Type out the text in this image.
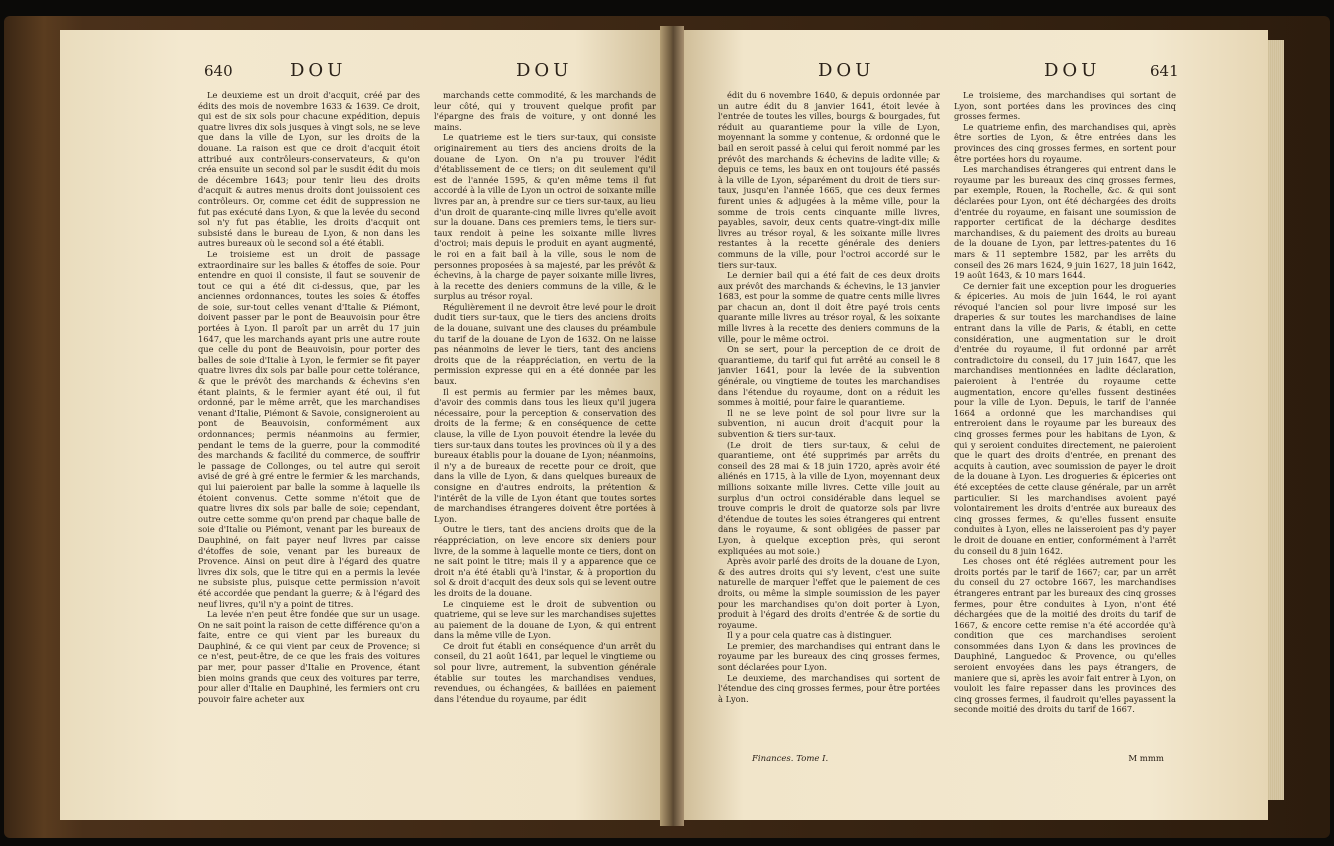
640	DOU	DOU

Le deuxieme est un droit d'acquit, créé par des édits des mois de novembre 1633 & 1639. Ce droit, qui est de six sols pour chacune expédition, depuis quatre livres dix sols jusques à vingt sols, ne se leve que dans la ville de Lyon, sur les droits de la douane. La raison est que ce droit d'acquit étoit attribué aux contrôleurs-conservateurs, & qu'on créa ensuite un second sol par le susdit édit du mois de décembre 1643; pour tenir lieu des droits d'acquit & autres menus droits dont jouissoient ces contrôleurs. Or, comme cet édit de suppression ne fut pas exécuté dans Lyon, & que la levée du second sol n'y fut pas établie, les droits d'acquit ont subsisté dans le bureau de Lyon, & non dans les autres bureaux où le second sol a été établi.

Le troisieme est un droit de passage extraordinaire sur les balles & étoffes de soie. Pour entendre en quoi il consiste, il faut se souvenir de tout ce qui a été dit ci-dessus, que, par les anciennes ordonnances, toutes les soies & étoffes de soie, sur-tout celles venant d'Italie & Piémont, doivent passer par le pont de Beauvoisin pour être portées à Lyon. Il paroît par un arrêt du 17 juin 1647, que les marchands ayant pris une autre route que celle du pont de Beauvoisin, pour porter des balles de soie d'Italie à Lyon, le fermier se fit payer quatre livres dix sols par balle pour cette tolérance, & que le prévôt des marchands & échevins s'en étant plaints, & le fermier ayant été oui, il fut ordonné, par le même arrêt, que les marchandises venant d'Italie, Piémont & Savoie, consigneroient au pont de Beauvoisin, conformément aux ordonnances; permis néanmoins au fermier, pendant le tems de la guerre, pour la commodité des marchands & facilité du commerce, de souffrir le passage de Collonges, ou tel autre qui seroit avisé de gré à gré entre le fermier & les marchands, qui lui paieroient par balle la somme à laquelle ils étoient convenus. Cette somme n'étoit que de quatre livres dix sols par balle de soie; cependant, outre cette somme qu'on prend par chaque balle de soie d'Italie ou Piémont, venant par les bureaux de Dauphiné, on fait payer neuf livres par caisse d'étoffes de soie, venant par les bureaux de Provence. Ainsi on peut dire à l'égard des quatre livres dix sols, que le titre qui en a permis la levée ne subsiste plus, puisque cette permission n'avoit été accordée que pendant la guerre; & à l'égard des neuf livres, qu'il n'y a point de titres.

La levée n'en peut être fondée que sur un usage. On ne sait point la raison de cette différence qu'on a faite, entre ce qui vient par les bureaux du Dauphiné, & ce qui vient par ceux de Provence; si ce n'est, peut-être, de ce que les frais des voitures par mer, pour passer d'Italie en Provence, étant bien moins grands que ceux des voitures par terre, pour aller d'Italie en Dauphiné, les fermiers ont cru pouvoir faire acheter aux

marchands cette commodité, & les marchands de leur côté, qui y trouvent quelque profit par l'épargne des frais de voiture, y ont donné les mains.

Le quatrieme est le tiers sur-taux, qui consiste originairement au tiers des anciens droits de la douane de Lyon. On n'a pu trouver l'édit d'établissement de ce tiers; on dit seulement qu'il est de l'année 1595, & qu'en même tems il fut accordé à la ville de Lyon un octroi de soixante mille livres par an, à prendre sur ce tiers sur-taux, au lieu d'un droit de quarante-cinq mille livres qu'elle avoit sur la douane. Dans ces premiers tems, le tiers sur-taux rendoit à peine les soixante mille livres d'octroi; mais depuis le produit en ayant augmenté, le roi en a fait bail à la ville, sous le nom de personnes proposées à sa majesté, par les prévôt & échevins, à la charge de payer soixante mille livres, à la recette des deniers communs de la ville, & le surplus au trésor royal.

Régulièrement il ne devroit être levé pour le droit dudit tiers sur-taux, que le tiers des anciens droits de la douane, suivant une des clauses du préambule du tarif de la douane de Lyon de 1632. On ne laisse pas néanmoins de lever le tiers, tant des anciens droits que de la réappréciation, en vertu de la permission expresse qui en a été donnée par les baux.

Il est permis au fermier par les mêmes baux, d'avoir des commis dans tous les lieux qu'il jugera nécessaire, pour la perception & conservation des droits de la ferme; & en conséquence de cette clause, la ville de Lyon pouvoit étendre la levée du tiers sur-taux dans toutes les provinces où il y a des bureaux établis pour la douane de Lyon; néanmoins, il n'y a de bureaux de recette pour ce droit, que dans la ville de Lyon, & dans quelques bureaux de consigne en d'autres endroits, la prétention & l'intérêt de la ville de Lyon étant que toutes sortes de marchandises étrangeres doivent être portées à Lyon.

Outre le tiers, tant des anciens droits que de la réappréciation, on leve encore six deniers pour livre, de la somme à laquelle monte ce tiers, dont on ne sait point le titre; mais il y a apparence que ce droit n'a été établi qu'à l'instar, & à proportion du sol & droit d'acquit des deux sols qui se levent outre les droits de la douane.

Le cinquieme est le droit de subvention ou quatrieme, qui se leve sur les marchandises sujettes au paiement de la douane de Lyon, & qui entrent dans la même ville de Lyon.

Ce droit fut établi en conséquence d'un arrêt du conseil, du 21 août 1641, par lequel le vingtieme ou sol pour livre, autrement, la subvention générale établie sur toutes les marchandises vendues, revendues, ou échangées, & baillées en paiement dans l'étendue du royaume, par édit

DOU	DOU	641

édit du 6 novembre 1640, & depuis ordonnée par un autre édit du 8 janvier 1641, étoit levée à l'entrée de toutes les villes, bourgs & bourgades, fut réduit au quarantieme pour la ville de Lyon, moyennant la somme y contenue, & ordonné que le bail en seroit passé à celui qui feroit nommé par les prévôt des marchands & échevins de ladite ville; & depuis ce tems, les baux en ont toujours été passés à la ville de Lyon, séparément du droit de tiers sur-taux, jusqu'en l'année 1665, que ces deux fermes furent unies & adjugées à la même ville, pour la somme de trois cents cinquante mille livres, payables, savoir, deux cents quatre-vingt-dix mille livres au trésor royal, & les soixante mille livres restantes à la recette générale des deniers communs de la ville, pour l'octroi accordé sur le tiers sur-taux.

Le dernier bail qui a été fait de ces deux droits aux prévôt des marchands & échevins, le 13 janvier 1683, est pour la somme de quatre cents mille livres par chacun an, dont il doit être payé trois cents quarante mille livres au trésor royal, & les soixante mille livres à la recette des deniers communs de la ville, pour le même octroi.

On se sert, pour la perception de ce droit de quarantieme, du tarif qui fut arrêté au conseil le 8 janvier 1641, pour la levée de la subvention générale, ou vingtieme de toutes les marchandises dans l'étendue du royaume, dont on a réduit les sommes à moitié, pour faire le quarantieme.

Il ne se leve point de sol pour livre sur la subvention, ni aucun droit d'acquit pour la subvention & tiers sur-taux.

(Le droit de tiers sur-taux, & celui de quarantieme, ont été supprimés par arrêts du conseil des 28 mai & 18 juin 1720, après avoir été aliénés en 1715, à la ville de Lyon, moyennant deux millions soixante mille livres. Cette ville jouit au surplus d'un octroi considérable dans lequel se trouve compris le droit de quatorze sols par livre d'étendue de toutes les soies étrangeres qui entrent dans le royaume, & sont obligées de passer par Lyon, à quelque exception près, qui seront expliquées au mot soie.)

Après avoir parlé des droits de la douane de Lyon, & des autres droits qui s'y levent, c'est une suite naturelle de marquer l'effet que le paiement de ces droits, ou même la simple soumission de les payer pour les marchandises qu'on doit porter à Lyon, produit à l'égard des droits d'entrée & de sortie du royaume.

Il y a pour cela quatre cas à distinguer.

Le premier, des marchandises qui entrant dans le royaume par les bureaux des cinq grosses fermes, sont déclarées pour Lyon.

Le deuxieme, des marchandises qui sortent de l'étendue des cinq grosses fermes, pour être portées à Lyon.

Le troisieme, des marchandises qui sortant de Lyon, sont portées dans les provinces des cinq grosses fermes.

Le quatrieme enfin, des marchandises qui, après être sorties de Lyon, & être entrées dans les provinces des cinq grosses fermes, en sortent pour être portées hors du royaume.

Les marchandises étrangeres qui entrent dans le royaume par les bureaux des cinq grosses fermes, par exemple, Rouen, la Rochelle, &c. & qui sont déclarées pour Lyon, ont été déchargées des droits d'entrée du royaume, en faisant une soumission de rapporter certificat de la décharge desdites marchandises, & du paiement des droits au bureau de la douane de Lyon, par lettres-patentes du 16 mars & 11 septembre 1582, par les arrêts du conseil des 26 mars 1624, 9 juin 1627, 18 juin 1642, 19 août 1643, & 10 mars 1644.

Ce dernier fait une exception pour les drogueries & épiceries. Au mois de juin 1644, le roi ayant révoqué l'ancien sol pour livre imposé sur les draperies & sur toutes les marchandises de laine entrant dans la ville de Paris, & établi, en cette considération, une augmentation sur le droit d'entrée du royaume, il fut ordonné par arrêt contradictoire du conseil, du 17 juin 1647, que les marchandises mentionnées en ladite déclaration, paieroient à l'entrée du royaume cette augmentation, encore qu'elles fussent destinées pour la ville de Lyon. Depuis, le tarif de l'année 1664 a ordonné que les marchandises qui entreroient dans le royaume par les bureaux des cinq grosses fermes pour les habitans de Lyon, & qui y seroient conduites directement, ne paieroient que le quart des droits d'entrée, en prenant des acquits à caution, avec soumission de payer le droit de la douane à Lyon. Les drogueries & épiceries ont été exceptées de cette clause générale, par un arrêt particulier. Si les marchandises avoient payé volontairement les droits d'entrée aux bureaux des cinq grosses fermes, & qu'elles fussent ensuite conduites à Lyon, elles ne laisseroient pas d'y payer le droit de douane en entier, conformément à l'arrêt du conseil du 8 juin 1642.

Les choses ont été réglées autrement pour les droits portés par le tarif de 1667; car, par un arrêt du conseil du 27 octobre 1667, les marchandises étrangeres entrant par les bureaux des cinq grosses fermes, pour être conduites à Lyon, n'ont été déchargées que de la moitié des droits du tarif de 1667, & encore cette remise n'a été accordée qu'à condition que ces marchandises seroient consommées dans Lyon & dans les provinces de Dauphiné, Languedoc & Provence, ou qu'elles seroient envoyées dans les pays étrangers, de maniere que si, après les avoir fait entrer à Lyon, on vouloit les faire repasser dans les provinces des cinq grosses fermes, il faudroit qu'elles payassent la seconde moitié des droits du tarif de 1667.

Finances. Tome I.	M mmm
